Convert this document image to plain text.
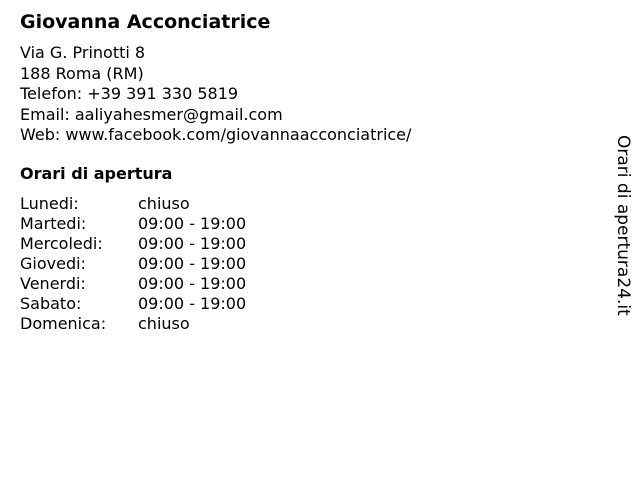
Giovanna Acconciatrice
Via G. Prinotti 8
188 Roma (RM)
Telefon: +39 391 330 5819
Email: aaliyahesmer@gmail.com
Web: www.facebook.com/giovannaacconciatrice/
Orari di apertura
Lunedi:	chiuso
Martedi:	09:00 - 19:00
Mercoledi: 09:00 - 19:00
Giovedi:	09:00 - 19:00
Venerdi:	09:00 - 19:00
Sabato:	09:00 - 19:00
Domenica: chiuso
Orari di apertura24.it
